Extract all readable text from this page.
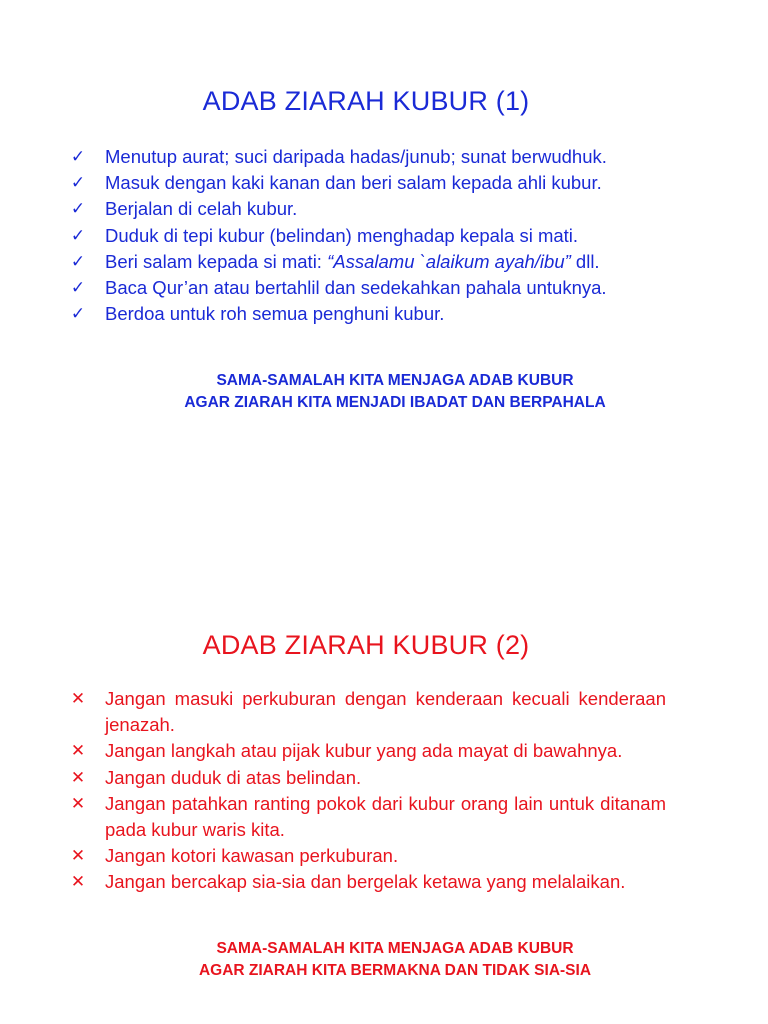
ADAB ZIARAH KUBUR (1)
✓ Menutup aurat; suci daripada hadas/junub; sunat berwudhuk.
✓ Masuk dengan kaki kanan dan beri salam kepada ahli kubur.
✓ Berjalan di celah kubur.
✓ Duduk di tepi kubur (belindan) menghadap kepala si mati.
✓ Beri salam kepada si mati: “Assalamu `alaikum ayah/ibu” dll.
✓ Baca Qur’an atau bertahlil dan sedekahkan pahala untuknya.
✓ Berdoa untuk roh semua penghuni kubur.
SAMA-SAMALAH KITA MENJAGA ADAB KUBUR
AGAR ZIARAH KITA MENJADI IBADAT DAN BERPAHALA
ADAB ZIARAH KUBUR (2)
✕ Jangan masuki perkuburan dengan kenderaan kecuali kenderaan jenazah.
✕ Jangan langkah atau pijak kubur yang ada mayat di bawahnya.
✕ Jangan duduk di atas belindan.
✕ Jangan patahkan ranting pokok dari kubur orang lain untuk ditanam pada kubur waris kita.
✕ Jangan kotori kawasan perkuburan.
✕ Jangan bercakap sia-sia dan bergelak ketawa yang melalaikan.
SAMA-SAMALAH KITA MENJAGA ADAB KUBUR
AGAR ZIARAH KITA BERMAKNA DAN TIDAK SIA-SIA
